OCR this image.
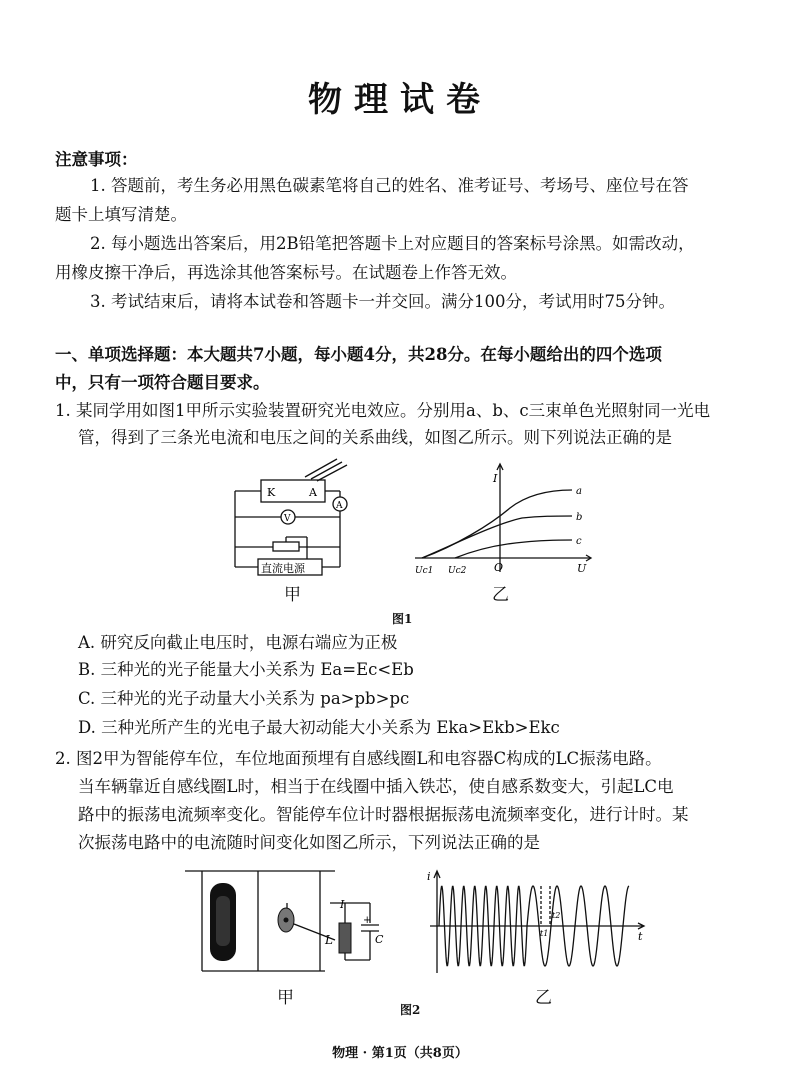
物理试卷
注意事项：
1. 答题前，考生务必用黑色碳素笔将自己的姓名、准考证号、考场号、座位号在答
题卡上填写清楚。
2. 每小题选出答案后，用2B铅笔把答题卡上对应题目的答案标号涂黑。如需改动，
用橡皮擦干净后，再选涂其他答案标号。在试题卷上作答无效。
3. 考试结束后，请将本试卷和答题卡一并交回。满分100分，考试用时75分钟。
一、单项选择题：本大题共7小题，每小题4分，共28分。在每小题给出的四个选项
中，只有一项符合题目要求。
1. 某同学用如图1甲所示实验装置研究光电效应。分别用a、b、c三束单色光照射同一光电
管，得到了三条光电流和电压之间的关系曲线，如图乙所示。则下列说法正确的是
K	A
A
V
直流电源
甲
I
U
O
Uc1 Uc2
a
b
c
乙
图1
A. 研究反向截止电压时，电源右端应为正极
B. 三种光的光子能量大小关系为 Ea=Ec<Eb
C. 三种光的光子动量大小关系为 pa>pb>pc
D. 三种光所产生的光电子最大初动能大小关系为 Eka>Ekb>Ekc
2. 图2甲为智能停车位，车位地面预埋有自感线圈L和电容器C构成的LC振荡电路。
当车辆靠近自感线圈L时，相当于在线圈中插入铁芯，使自感系数变大，引起LC电
路中的振荡电流频率变化。智能停车位计时器根据振荡电流频率变化，进行计时。某
次振荡电路中的电流随时间变化如图乙所示，下列说法正确的是
I
L	C
+
甲
i
t
t1
t2
乙
图2
物理 · 第1页（共8页）
